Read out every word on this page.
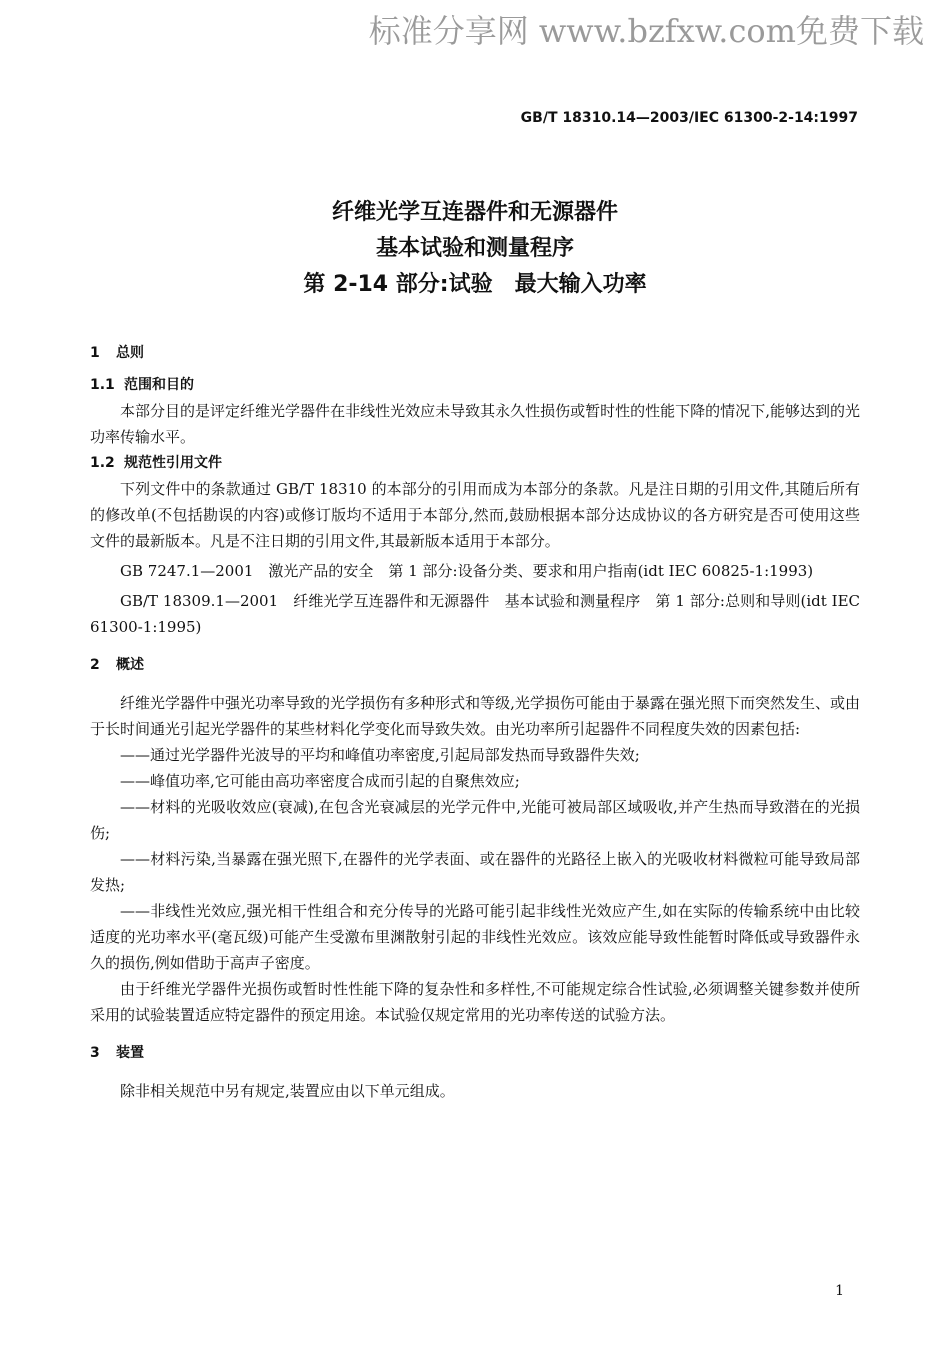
标准分享网 www.bzfxw.com免费下载
GB/T 18310.14—2003/IEC 61300-2-14:1997
纤维光学互连器件和无源器件
基本试验和测量程序
第 2-14 部分:试验　最大输入功率
1 总则
1.1 范围和目的

本部分目的是评定纤维光学器件在非线性光效应未导致其永久性损伤或暂时性的性能下降的情况下,能够达到的光功率传输水平。

1.2 规范性引用文件

下列文件中的条款通过 GB/T 18310 的本部分的引用而成为本部分的条款。凡是注日期的引用文件,其随后所有的修改单(不包括勘误的内容)或修订版均不适用于本部分,然而,鼓励根据本部分达成协议的各方研究是否可使用这些文件的最新版本。凡是不注日期的引用文件,其最新版本适用于本部分。

GB 7247.1—2001　激光产品的安全　第 1 部分:设备分类、要求和用户指南(idt IEC 60825-1:1993)

GB/T 18309.1—2001　纤维光学互连器件和无源器件　基本试验和测量程序　第 1 部分:总则和导则(idt IEC 61300-1:1995)

2 概述

纤维光学器件中强光功率导致的光学损伤有多种形式和等级,光学损伤可能由于暴露在强光照下而突然发生、或由于长时间通光引起光学器件的某些材料化学变化而导致失效。由光功率所引起器件不同程度失效的因素包括:

——通过光学器件光波导的平均和峰值功率密度,引起局部发热而导致器件失效;

——峰值功率,它可能由高功率密度合成而引起的自聚焦效应;

——材料的光吸收效应(衰减),在包含光衰减层的光学元件中,光能可被局部区域吸收,并产生热而导致潜在的光损伤;

——材料污染,当暴露在强光照下,在器件的光学表面、或在器件的光路径上嵌入的光吸收材料微粒可能导致局部发热;

——非线性光效应,强光相干性组合和充分传导的光路可能引起非线性光效应产生,如在实际的传输系统中由比较适度的光功率水平(毫瓦级)可能产生受激布里渊散射引起的非线性光效应。该效应能导致性能暂时降低或导致器件永久的损伤,例如借助于高声子密度。

由于纤维光学器件光损伤或暂时性性能下降的复杂性和多样性,不可能规定综合性试验,必须调整关键参数并使所采用的试验装置适应特定器件的预定用途。本试验仅规定常用的光功率传送的试验方法。

3 装置

除非相关规范中另有规定,装置应由以下单元组成。

1
